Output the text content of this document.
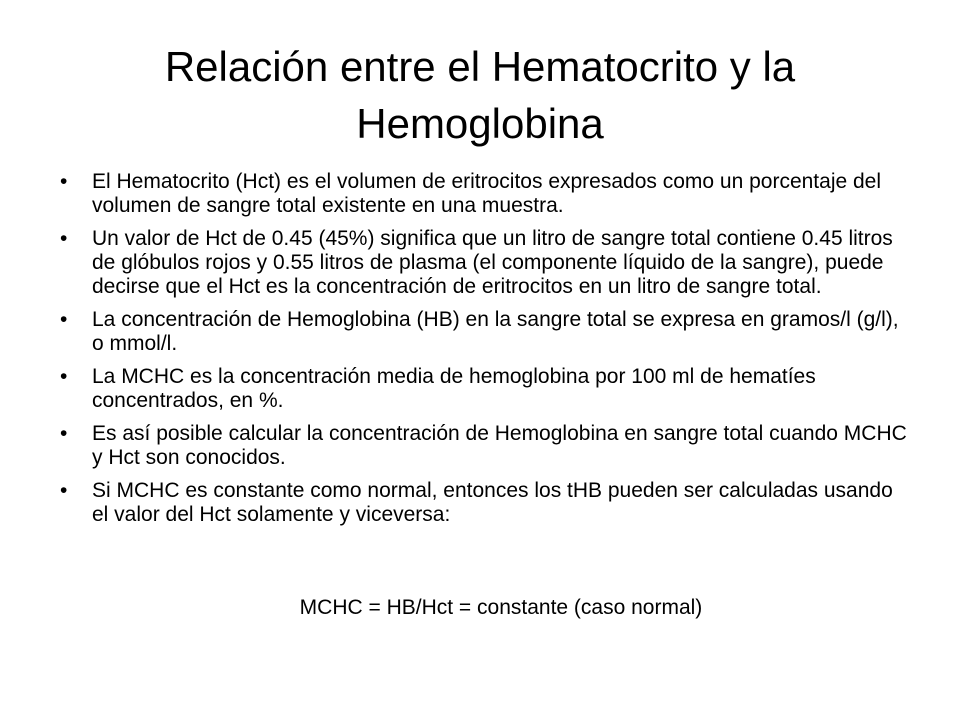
Relación entre el Hematocrito y la Hemoglobina
•	El Hematocrito (Hct) es el volumen de eritrocitos expresados como un porcentaje del volumen de sangre total existente en una muestra.
•	Un valor de Hct de 0.45 (45%) significa que un litro de sangre total contiene 0.45 litros de glóbulos rojos y 0.55 litros de plasma (el componente líquido de la sangre), puede decirse que el Hct es la concentración de eritrocitos en un litro de sangre total.
•	La concentración de Hemoglobina (HB) en la sangre total se expresa en gramos/l (g/l), o mmol/l.
•	La MCHC es la concentración media de hemoglobina por 100 ml de hematíes concentrados, en %.
•	Es así posible calcular la concentración de Hemoglobina en sangre total cuando MCHC y Hct son conocidos.
•	Si MCHC es constante como normal, entonces los tHB pueden ser calculadas usando el valor del Hct solamente y viceversa:
MCHC = HB/Hct = constante (caso normal)
